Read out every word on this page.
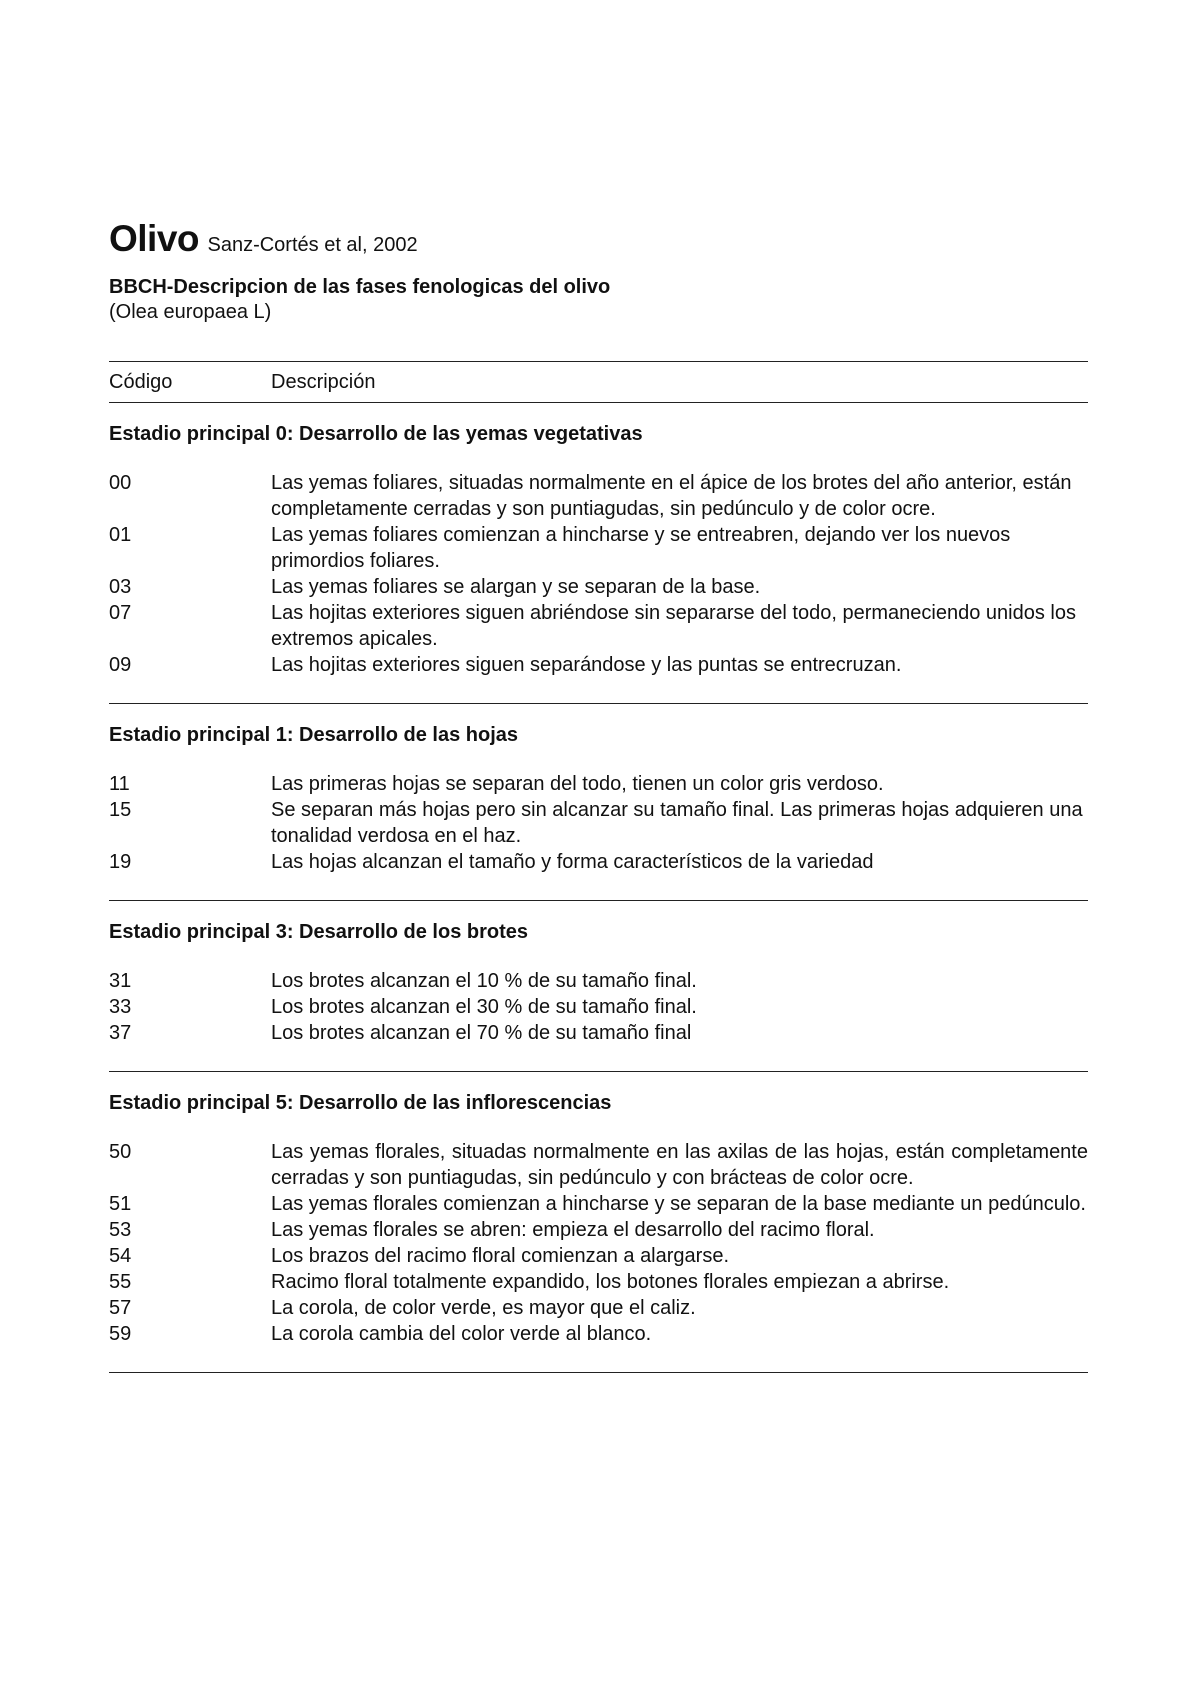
Olivo Sanz-Cortés et al, 2002
BBCH-Descripcion de las fases fenologicas del olivo
(Olea europaea L)
Código	Descripción
Estadio principal 0: Desarrollo de las yemas vegetativas
00	Las yemas foliares, situadas normalmente en el ápice de los brotes del año anterior, están completamente cerradas y son puntiagudas, sin pedúnculo y de color ocre.
01	Las yemas foliares comienzan a hincharse y se entreabren, dejando ver los nuevos primordios foliares.
03	Las yemas foliares se alargan y se separan de la base.
07	Las hojitas exteriores siguen abriéndose sin separarse del todo, permaneciendo unidos los extremos apicales.
09	Las hojitas exteriores siguen separándose y las puntas se entrecruzan.
Estadio principal 1: Desarrollo de las hojas
11	Las primeras hojas se separan del todo, tienen un color gris verdoso.
15	Se separan más hojas pero sin alcanzar su tamaño final. Las primeras hojas adquieren una tonalidad verdosa en el haz.
19	Las hojas alcanzan el tamaño y forma característicos de la variedad
Estadio principal 3: Desarrollo de los brotes
31	Los brotes alcanzan el 10 % de su tamaño final.
33	Los brotes alcanzan el 30 % de su tamaño final.
37	Los brotes alcanzan el 70 % de su tamaño final
Estadio principal 5: Desarrollo de las inflorescencias
50	Las yemas florales, situadas normalmente en las axilas de las hojas, están completamente cerradas y son puntiagudas, sin pedúnculo y con brácteas de color ocre.
51	Las yemas florales comienzan a hincharse y se separan de la base mediante un pedúnculo.
53	Las yemas florales se abren: empieza el desarrollo del racimo floral.
54	Los brazos del racimo floral comienzan a alargarse.
55	Racimo floral totalmente expandido, los botones florales empiezan a abrirse.
57	La corola, de color verde, es mayor que el caliz.
59	La corola cambia del color verde al blanco.
